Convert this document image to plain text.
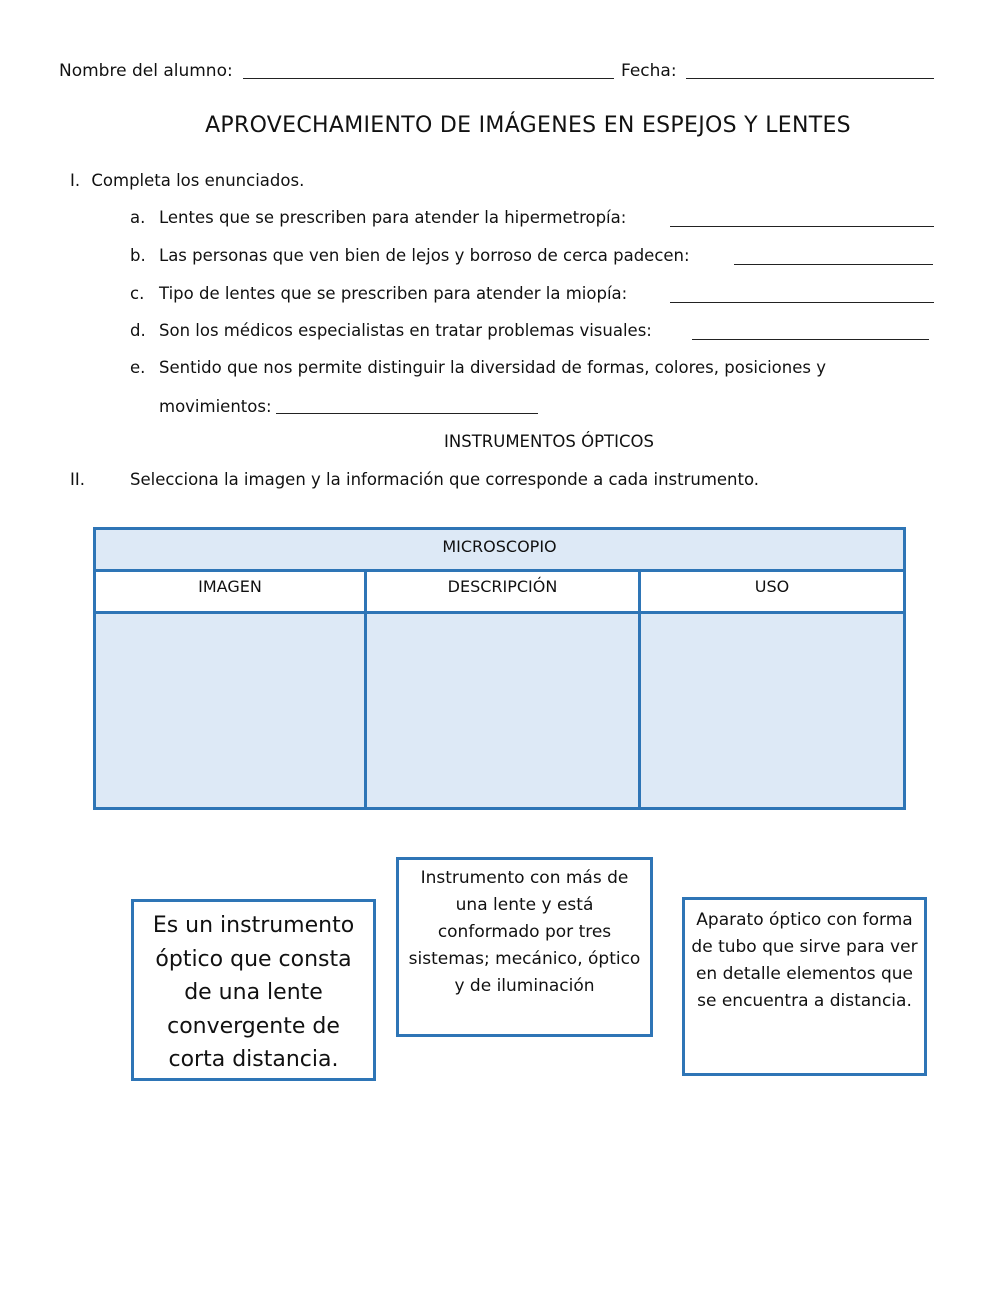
Nombre del alumno:	Fecha:
APROVECHAMIENTO DE IMÁGENES EN ESPEJOS Y LENTES
I. Completa los enunciados.
a. Lentes que se prescriben para atender la hipermetropía:
b. Las personas que ven bien de lejos y borroso de cerca padecen:
c. Tipo de lentes que se prescriben para atender la miopía:
d. Son los médicos especialistas en tratar problemas visuales:
e. Sentido que nos permite distinguir la diversidad de formas, colores, posiciones y
movimientos:
INSTRUMENTOS ÓPTICOS
II.	Selecciona la imagen y la información que corresponde a cada instrumento.
MICROSCOPIO
IMAGEN	DESCRIPCIÓN	USO
Es un instrumento óptico que consta de una lente convergente de corta distancia.
Instrumento con más de una lente y está conformado por tres sistemas; mecánico, óptico y de iluminación
Aparato óptico con forma de tubo que sirve para ver en detalle elementos que se encuentra a distancia.
